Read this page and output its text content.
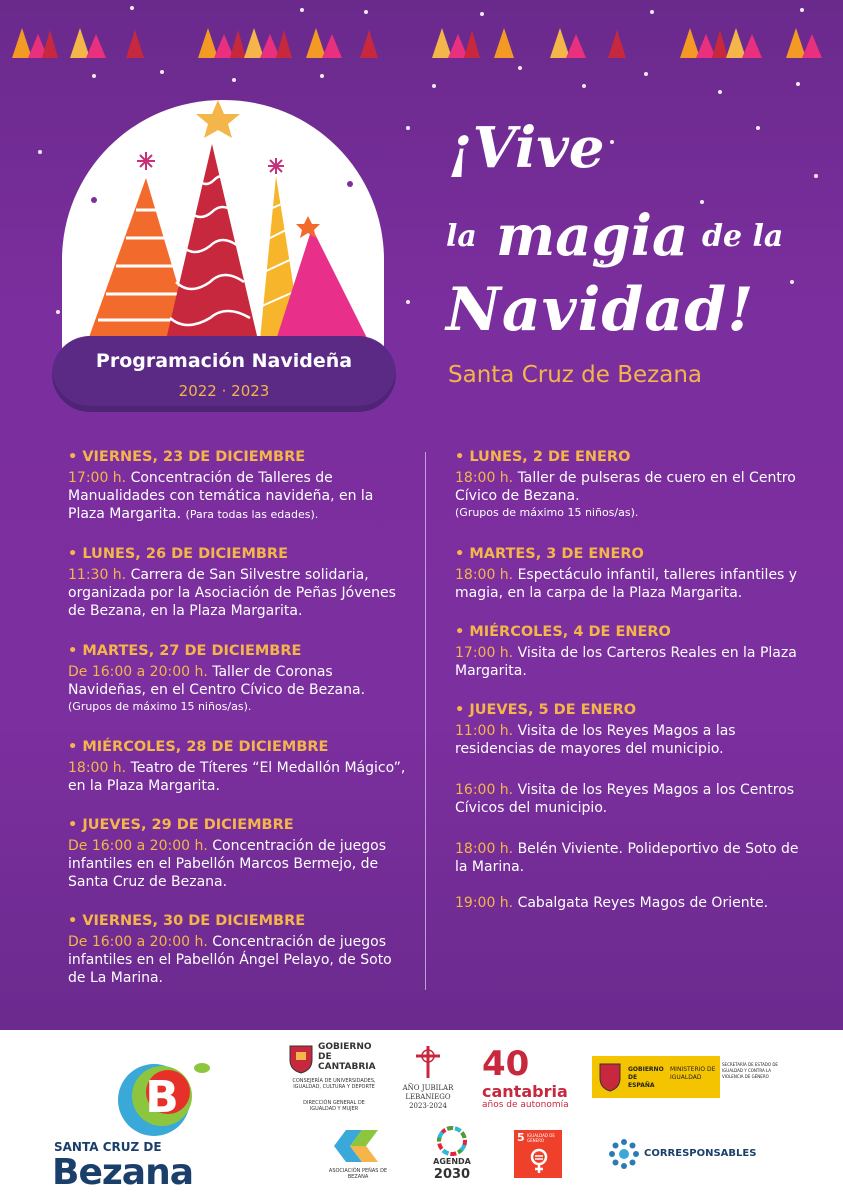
Programación Navideña
2022 · 2023
¡Vive
la magia de la
Navidad!
Santa Cruz de Bezana
• VIERNES, 23 DE DICIEMBRE
17:00 h. Concentración de Talleres de Manualidades con temática navideña, en la Plaza Margarita. (Para todas las edades).
• LUNES, 26 DE DICIEMBRE
11:30 h. Carrera de San Silvestre solidaria, organizada por la Asociación de Peñas Jóvenes de Bezana, en la Plaza Margarita.
• MARTES, 27 DE DICIEMBRE
De 16:00 a 20:00 h. Taller de Coronas Navideñas, en el Centro Cívico de Bezana.
(Grupos de máximo 15 niños/as).
• MIÉRCOLES, 28 DE DICIEMBRE
18:00 h. Teatro de Títeres “El Medallón Mágico”, en la Plaza Margarita.
• JUEVES, 29 DE DICIEMBRE
De 16:00 a 20:00 h. Concentración de juegos infantiles en el Pabellón Marcos Bermejo, de Santa Cruz de Bezana.
• VIERNES, 30 DE DICIEMBRE
De 16:00 a 20:00 h. Concentración de juegos infantiles en el Pabellón Ángel Pelayo, de Soto de La Marina.
• LUNES, 2 DE ENERO
18:00 h. Taller de pulseras de cuero en el Centro Cívico de Bezana.
(Grupos de máximo 15 niños/as).
• MARTES, 3 DE ENERO
18:00 h. Espectáculo infantil, talleres infantiles y magia, en la carpa de la Plaza Margarita.
• MIÉRCOLES, 4 DE ENERO
17:00 h. Visita de los Carteros Reales en la Plaza Margarita.
• JUEVES, 5 DE ENERO
11:00 h. Visita de los Reyes Magos a las residencias de mayores del municipio.
16:00 h. Visita de los Reyes Magos a los Centros Cívicos del municipio.
18:00 h. Belén Viviente. Polideportivo de Soto de la Marina.
19:00 h. Cabalgata Reyes Magos de Oriente.
B
SANTA CRUZ DE
Bezana
GOBIERNO
DE
CANTABRIA
CONSEJERÍA DE UNIVERSIDADES, IGUALDAD, CULTURA Y DEPORTE
DIRECCIÓN GENERAL DE IGUALDAD Y MUJER
AÑO JUBILAR
LEBANIEGO
2023·2024
40
cantabria
años de autonomía
GOBIERNO DE ESPAÑA
MINISTERIO DE IGUALDAD
SECRETARÍA DE ESTADO DE IGUALDAD Y CONTRA LA VIOLENCIA DE GÉNERO
ASOCIACIÓN PEÑAS DE BEZANA
AGENDA
2030
5 IGUALDAD DE GÉNERO
CORRESPONSABLES
